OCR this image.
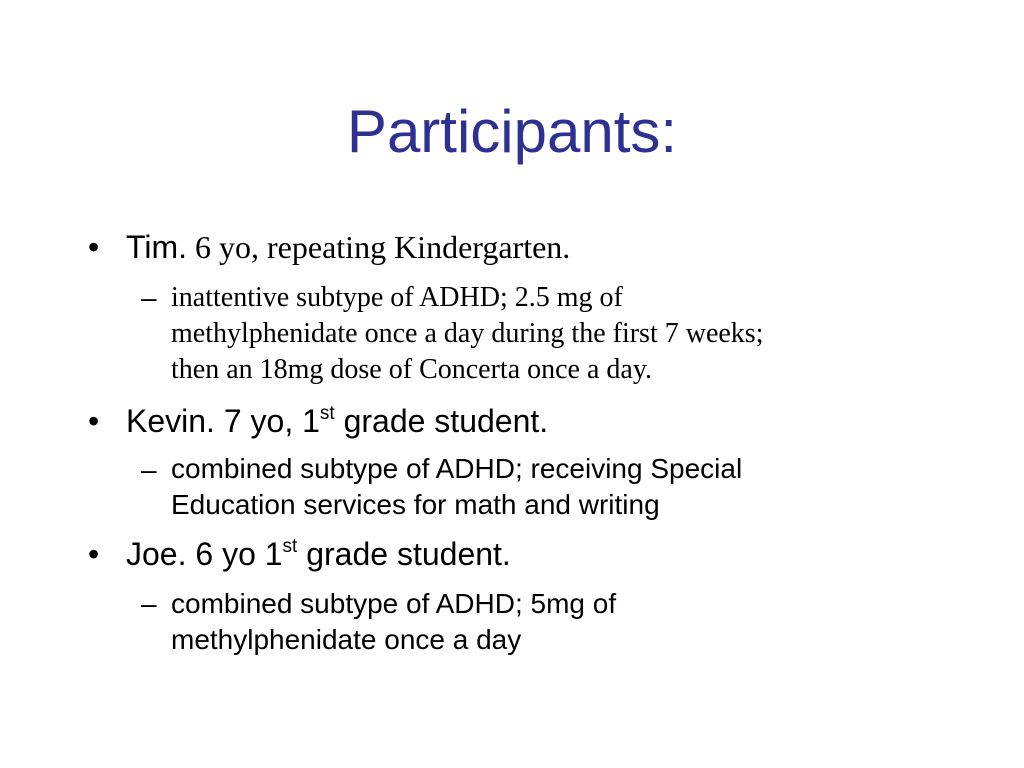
Participants:
• Tim. 6 yo, repeating Kindergarten.
– inattentive subtype of ADHD; 2.5 mg of
methylphenidate once a day during the first 7 weeks;
then an 18mg dose of Concerta once a day.
• Kevin. 7 yo, 1st grade student.
– combined subtype of ADHD; receiving Special
Education services for math and writing
• Joe. 6 yo 1st grade student.
– combined subtype of ADHD; 5mg of
methylphenidate once a day
